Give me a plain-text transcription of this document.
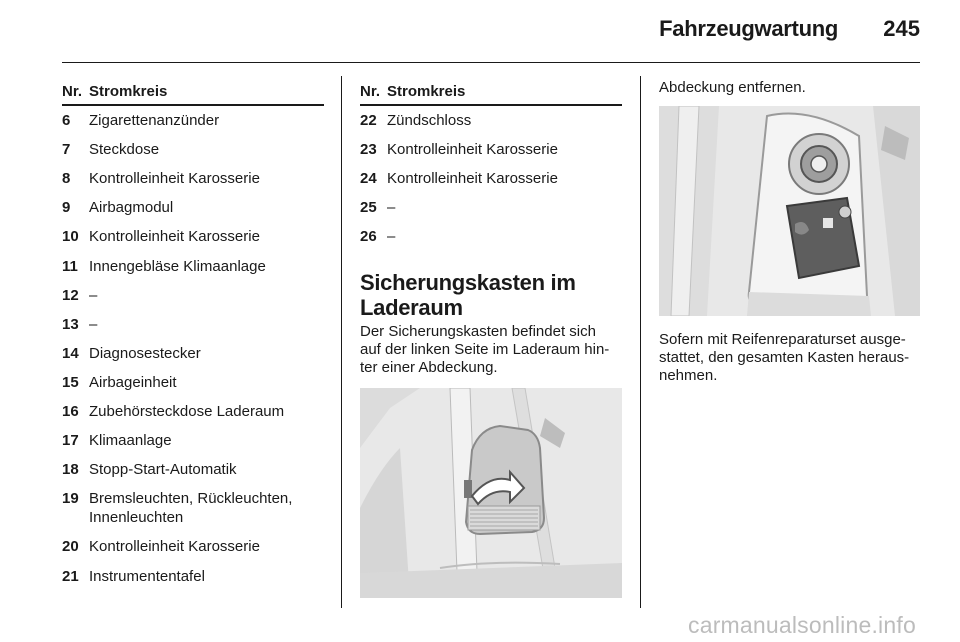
Fahrzeugwartung 245
Nr. Stromkreis
6 Zigarettenanzünder
7 Steckdose
8 Kontrolleinheit Karosserie
9 Airbagmodul
10 Kontrolleinheit Karosserie
11 Innengebläse Klimaanlage
12 –
13 –
14 Diagnosestecker
15 Airbageinheit
16 Zubehörsteckdose Laderaum
17 Klimaanlage
18 Stopp-Start-Automatik
19 Bremsleuchten, Rückleuchten,
Innenleuchten
20 Kontrolleinheit Karosserie
21 Instrumententafel
Nr. Stromkreis
22 Zündschloss
23 Kontrolleinheit Karosserie
24 Kontrolleinheit Karosserie
25 –
26 –
Sicherungskasten im
Laderaum
Der Sicherungskasten befindet sich
auf der linken Seite im Laderaum hin-
ter einer Abdeckung.
Abdeckung entfernen.
Sofern mit Reifenreparaturset ausge-
stattet, den gesamten Kasten heraus-
nehmen.
carmanualsonline.info
